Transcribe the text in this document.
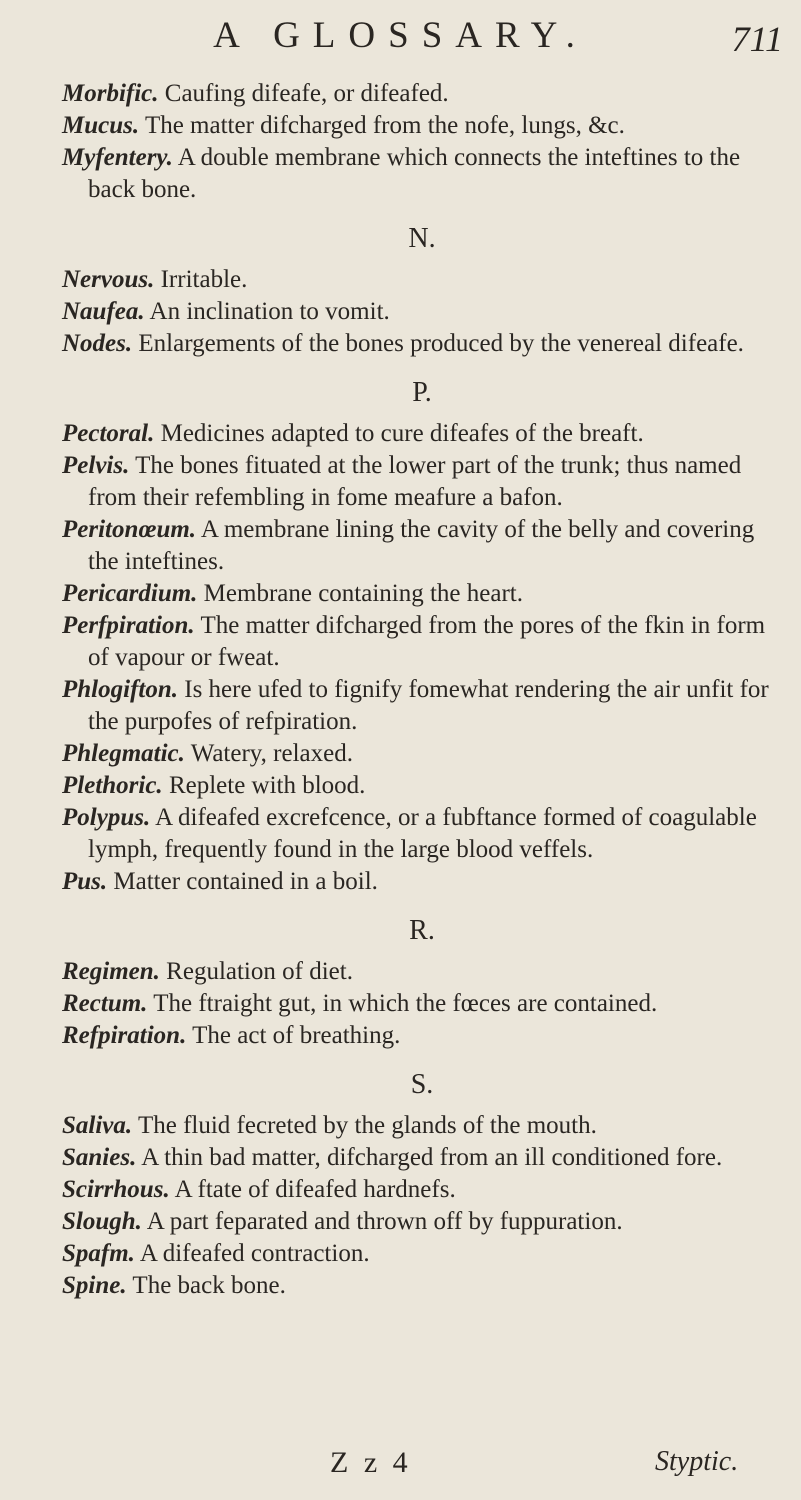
A GLOSSARY.	711

Morbific. Caufing difeafe, or difeafed.

Mucus. The matter difcharged from the nofe, lungs, &c.

Myfentery. A double membrane which connects the inteftines to the back bone.

N.

Nervous. Irritable.

Naufea. An inclination to vomit.

Nodes. Enlargements of the bones produced by the venereal difeafe.

P.

Pectoral. Medicines adapted to cure difeafes of the breaft.

Pelvis. The bones fituated at the lower part of the trunk; thus named from their refembling in fome meafure a bafon.

Peritonœum. A membrane lining the cavity of the belly and covering the inteftines.

Pericardium. Membrane containing the heart.

Perfpiration. The matter difcharged from the pores of the fkin in form of vapour or fweat.

Phlogifton. Is here ufed to fignify fomewhat rendering the air unfit for the purpofes of refpiration.

Phlegmatic. Watery, relaxed.

Plethoric. Replete with blood.

Polypus. A difeafed excrefcence, or a fubftance formed of coagulable lymph, frequently found in the large blood veffels.

Pus. Matter contained in a boil.

R.

Regimen. Regulation of diet.

Rectum. The ftraight gut, in which the fœces are contained.

Refpiration. The act of breathing.

S.

Saliva. The fluid fecreted by the glands of the mouth.

Sanies. A thin bad matter, difcharged from an ill conditioned fore.

Scirrhous. A ftate of difeafed hardnefs.

Slough. A part feparated and thrown off by fuppuration.

Spafm. A difeafed contraction.

Spine. The back bone.

Z z 4	Styptic.
